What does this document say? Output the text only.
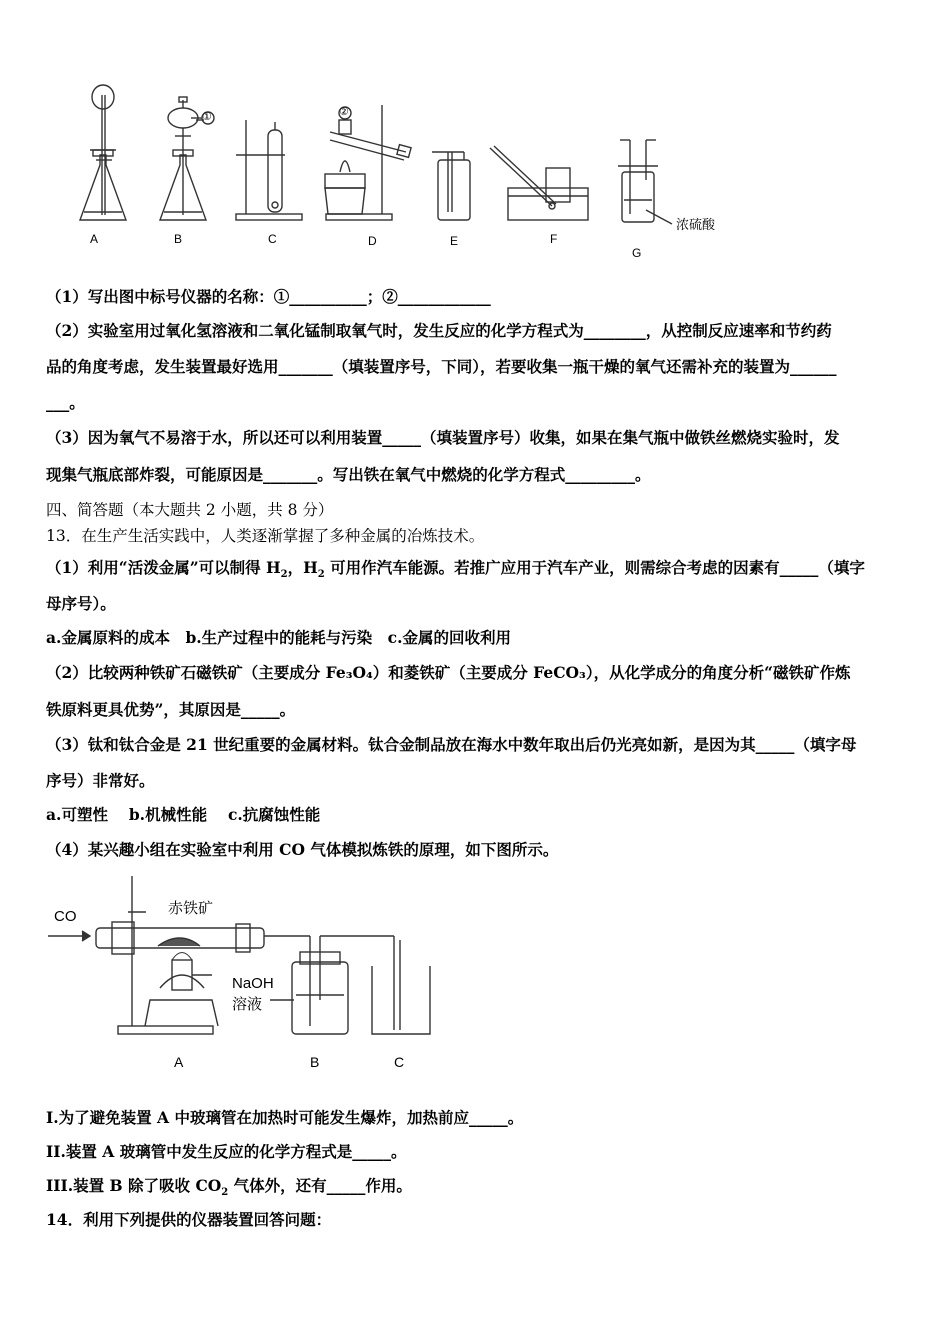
A	B	C	D	E	F
G
①	②
浓硫酸
（1）写出图中标号仪器的名称：①__________；②____________
（2）实验室用过氧化氢溶液和二氧化锰制取氧气时，发生反应的化学方程式为________，从控制反应速率和节约药
品的角度考虑，发生装置最好选用_______（填装置序号，下同），若要收集一瓶干燥的氧气还需补充的装置为______
___。
（3）因为氧气不易溶于水，所以还可以利用装置_____（填装置序号）收集，如果在集气瓶中做铁丝燃烧实验时，发
现集气瓶底部炸裂，可能原因是_______。写出铁在氧气中燃烧的化学方程式_________。
四、简答题（本大题共 2 小题，共 8 分）
13．在生产生活实践中，人类逐渐掌握了多种金属的冶炼技术。
（1）利用“活泼金属”可以制得 $H_2$，$H_2$ 可用作汽车能源。若推广应用于汽车产业，则需综合考虑的因素有_____（填字
母序号）。
a.金属原料的成本　b.生产过程中的能耗与污染　c.金属的回收利用
（2）比较两种铁矿石磁铁矿（主要成分 Fe₃O₄）和菱铁矿（主要成分 FeCO₃），从化学成分的角度分析“磁铁矿作炼
铁原料更具优势”，其原因是_____。
（3）钛和钛合金是 21 世纪重要的金属材料。钛合金制品放在海水中数年取出后仍光亮如新，是因为其_____（填字母
序号）非常好。
a.可塑性　 b.机械性能　 c.抗腐蚀性能
（4）某兴趣小组在实验室中利用 CO 气体模拟炼铁的原理，如下图所示。
CO	赤铁矿
NaOH
溶液
A	B	C
I.为了避免装置 A 中玻璃管在加热时可能发生爆炸，加热前应_____。
II.装置 A 玻璃管中发生反应的化学方程式是_____。
III.装置 B 除了吸收 $CO_2$ 气体外，还有_____作用。
14．利用下列提供的仪器装置回答问题：
